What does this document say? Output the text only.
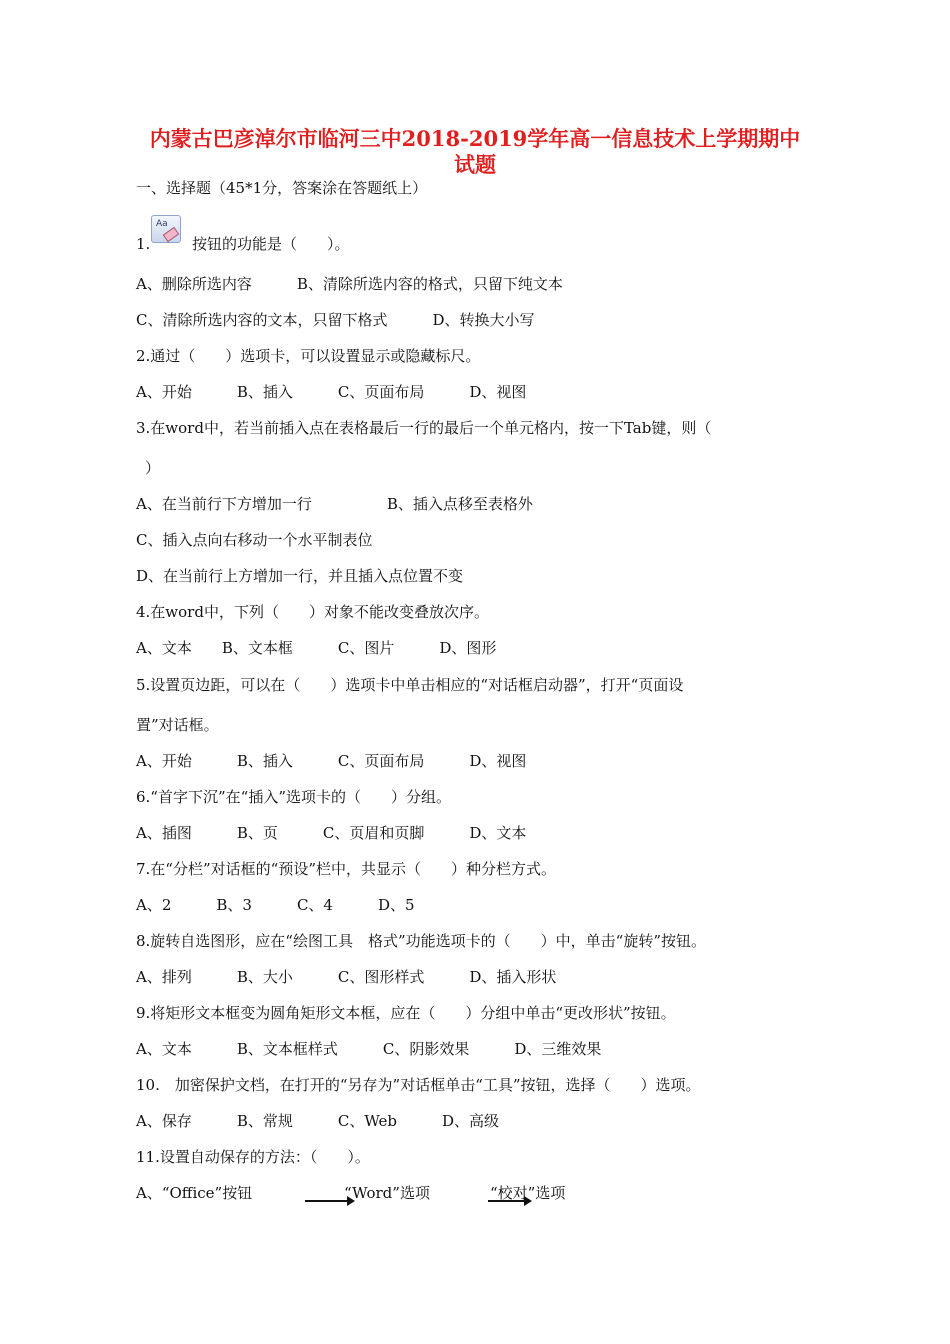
内蒙古巴彦淖尔市临河三中2018-2019学年高一信息技术上学期期中
试题
一、选择题（45*1分，答案涂在答题纸上）
1.
Aa
按钮的功能是（　　）。
A、删除所选内容　　　B、清除所选内容的格式，只留下纯文本
C、清除所选内容的文本，只留下格式　　　D、转换大小写
2.通过（　　）选项卡，可以设置显示或隐藏标尺。
A、开始　　　B、插入　　　C、页面布局　　　D、视图
3.在word中，若当前插入点在表格最后一行的最后一个单元格内，按一下Tab键，则（
）
A、在当前行下方增加一行　　　　　B、插入点移至表格外
C、插入点向右移动一个水平制表位
D、在当前行上方增加一行，并且插入点位置不变
4.在word中，下列（　　）对象不能改变叠放次序。
A、文本　　B、文本框　　　C、图片　　　D、图形
5.设置页边距，可以在（　　）选项卡中单击相应的“对话框启动器”，打开“页面设
置”对话框。
A、开始　　　B、插入　　　C、页面布局　　　D、视图
6.“首字下沉”在“插入”选项卡的（　　）分组。
A、插图　　　B、页　　　C、页眉和页脚　　　D、文本
7.在“分栏”对话框的“预设”栏中，共显示（　　）种分栏方式。
A、2　　　B、3　　　C、4　　　D、5
8.旋转自选图形，应在“绘图工具　格式”功能选项卡的（　　）中，单击“旋转”按钮。
A、排列　　　B、大小　　　C、图形样式　　　D、插入形状
9.将矩形文本框变为圆角矩形文本框，应在（　　）分组中单击“更改形状”按钮。
A、文本　　　B、文本框样式　　　C、阴影效果　　　D、三维效果
10.　加密保护文档，在打开的“另存为”对话框单击“工具”按钮，选择（　　）选项。
A、保存　　　B、常规　　　C、Web　　　D、高级
11.设置自动保存的方法：（　　）。
A、“Office”按钮	“Word”选项	“校对”选项
